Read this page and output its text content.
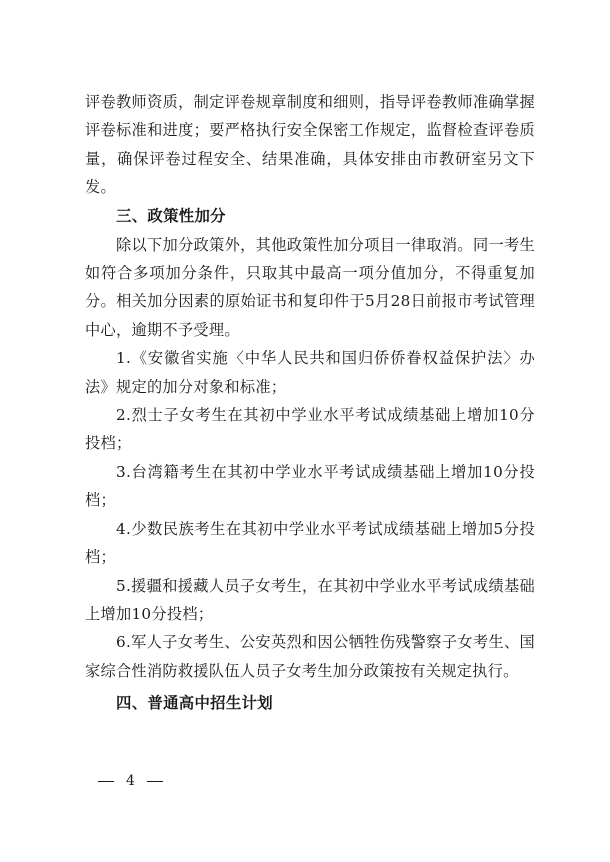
评卷教师资质，制定评卷规章制度和细则，指导评卷教师准确掌握评卷标准和进度；要严格执行安全保密工作规定，监督检查评卷质量，确保评卷过程安全、结果准确，具体安排由市教研室另文下发。

三、政策性加分

除以下加分政策外，其他政策性加分项目一律取消。同一考生如符合多项加分条件，只取其中最高一项分值加分，不得重复加分。相关加分因素的原始证书和复印件于5月28日前报市考试管理中心，逾期不予受理。

1.《安徽省实施〈中华人民共和国归侨侨眷权益保护法〉办法》规定的加分对象和标准；

2.烈士子女考生在其初中学业水平考试成绩基础上增加10分投档；

3.台湾籍考生在其初中学业水平考试成绩基础上增加10分投档；

4.少数民族考生在其初中学业水平考试成绩基础上增加5分投档；

5.援疆和援藏人员子女考生，在其初中学业水平考试成绩基础上增加10分投档；

6.军人子女考生、公安英烈和因公牺牲伤残警察子女考生、国家综合性消防救援队伍人员子女考生加分政策按有关规定执行。

四、普通高中招生计划
4
